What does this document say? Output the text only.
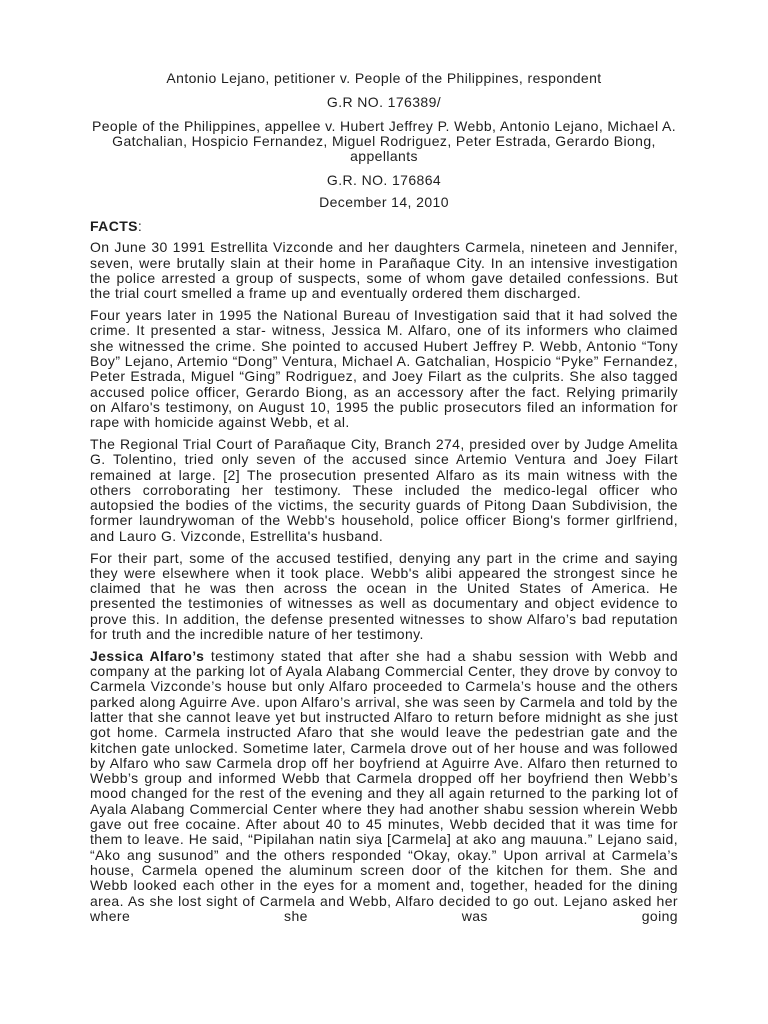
Antonio Lejano, petitioner v. People of the Philippines, respondent

G.R NO. 176389/

People of the Philippines, appellee v. Hubert Jeffrey P. Webb, Antonio Lejano, Michael A. Gatchalian, Hospicio Fernandez, Miguel Rodriguez, Peter Estrada, Gerardo Biong, appellants

G.R. NO. 176864

December 14, 2010

FACTS:

On June 30 1991 Estrellita Vizconde and her daughters Carmela, nineteen and Jennifer, seven, were brutally slain at their home in Parañaque City. In an intensive investigation the police arrested a group of suspects, some of whom gave detailed confessions. But the trial court smelled a frame up and eventually ordered them discharged.

Four years later in 1995 the National Bureau of Investigation said that it had solved the crime. It presented a star- witness, Jessica M. Alfaro, one of its informers who claimed she witnessed the crime. She pointed to accused Hubert Jeffrey P. Webb, Antonio “Tony Boy” Lejano, Artemio “Dong” Ventura, Michael A. Gatchalian, Hospicio “Pyke” Fernandez, Peter Estrada, Miguel “Ging” Rodriguez, and Joey Filart as the culprits. She also tagged accused police officer, Gerardo Biong, as an accessory after the fact. Relying primarily on Alfaro's testimony, on August 10, 1995 the public prosecutors filed an information for rape with homicide against Webb, et al.

The Regional Trial Court of Parañaque City, Branch 274, presided over by Judge Amelita G. Tolentino, tried only seven of the accused since Artemio Ventura and Joey Filart remained at large. [2] The prosecution presented Alfaro as its main witness with the others corroborating her testimony. These included the medico-legal officer who autopsied the bodies of the victims, the security guards of Pitong Daan Subdivision, the former laundrywoman of the Webb's household, police officer Biong's former girlfriend, and Lauro G. Vizconde, Estrellita's husband.

For their part, some of the accused testified, denying any part in the crime and saying they were elsewhere when it took place. Webb's alibi appeared the strongest since he claimed that he was then across the ocean in the United States of America. He presented the testimonies of witnesses as well as documentary and object evidence to prove this. In addition, the defense presented witnesses to show Alfaro’s bad reputation for truth and the incredible nature of her testimony.

Jessica Alfaro’s testimony stated that after she had a shabu session with Webb and company at the parking lot of Ayala Alabang Commercial Center, they drove by convoy to Carmela Vizconde’s house but only Alfaro proceeded to Carmela’s house and the others parked along Aguirre Ave. upon Alfaro’s arrival, she was seen by Carmela and told by the latter that she cannot leave yet but instructed Alfaro to return before midnight as she just got home. Carmela instructed Afaro that she would leave the pedestrian gate and the kitchen gate unlocked. Sometime later, Carmela drove out of her house and was followed by Alfaro who saw Carmela drop off her boyfriend at Aguirre Ave. Alfaro then returned to Webb’s group and informed Webb that Carmela dropped off her boyfriend then Webb’s mood changed for the rest of the evening and they all again returned to the parking lot of Ayala Alabang Commercial Center where they had another shabu session wherein Webb gave out free cocaine. After about 40 to 45 minutes, Webb decided that it was time for them to leave. He said, “Pipilahan natin siya [Carmela] at ako ang mauuna.” Lejano said, “Ako ang susunod” and the others responded “Okay, okay.” Upon arrival at Carmela’s house, Carmela opened the aluminum screen door of the kitchen for them. She and Webb looked each other in the eyes for a moment and, together, headed for the dining area. As she lost sight of Carmela and Webb, Alfaro decided to go out. Lejano asked her where she was going
